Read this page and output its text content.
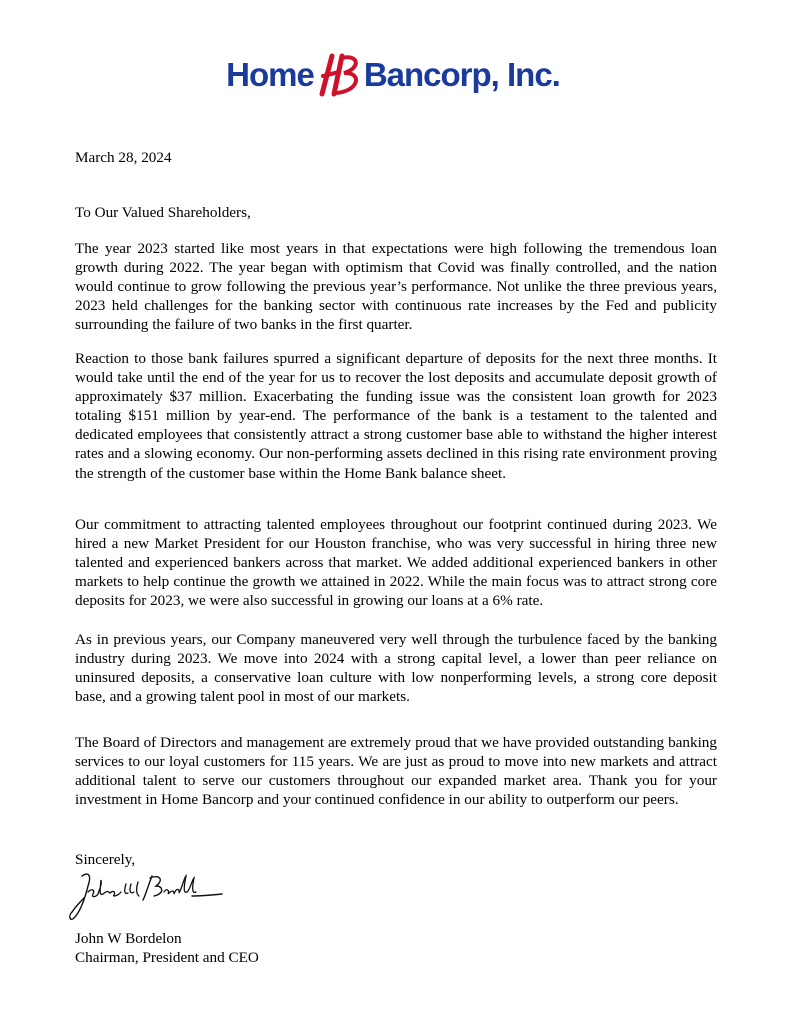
Home Bancorp, Inc.
March 28, 2024
To Our Valued Shareholders,

The year 2023 started like most years in that expectations were high following the tremendous loan growth during 2022. The year began with optimism that Covid was finally controlled, and the nation would continue to grow following the previous year’s performance. Not unlike the three previous years, 2023 held challenges for the banking sector with continuous rate increases by the Fed and publicity surrounding the failure of two banks in the first quarter.

Reaction to those bank failures spurred a significant departure of deposits for the next three months. It would take until the end of the year for us to recover the lost deposits and accumulate deposit growth of approximately $37 million. Exacerbating the funding issue was the consistent loan growth for 2023 totaling $151 million by year-end. The performance of the bank is a testament to the talented and dedicated employees that consistently attract a strong customer base able to withstand the higher interest rates and a slowing economy. Our non-performing assets declined in this rising rate environment proving the strength of the customer base within the Home Bank balance sheet.

Our commitment to attracting talented employees throughout our footprint continued during 2023. We hired a new Market President for our Houston franchise, who was very successful in hiring three new talented and experienced bankers across that market. We added additional experienced bankers in other markets to help continue the growth we attained in 2022. While the main focus was to attract strong core deposits for 2023, we were also successful in growing our loans at a 6% rate.

As in previous years, our Company maneuvered very well through the turbulence faced by the banking industry during 2023. We move into 2024 with a strong capital level, a lower than peer reliance on uninsured deposits, a conservative loan culture with low nonperforming levels, a strong core deposit base, and a growing talent pool in most of our markets.

The Board of Directors and management are extremely proud that we have provided outstanding banking services to our loyal customers for 115 years. We are just as proud to move into new markets and attract additional talent to serve our customers throughout our expanded market area. Thank you for your investment in Home Bancorp and your continued confidence in our ability to outperform our peers.

Sincerely,
John W Bordelon
Chairman, President and CEO
